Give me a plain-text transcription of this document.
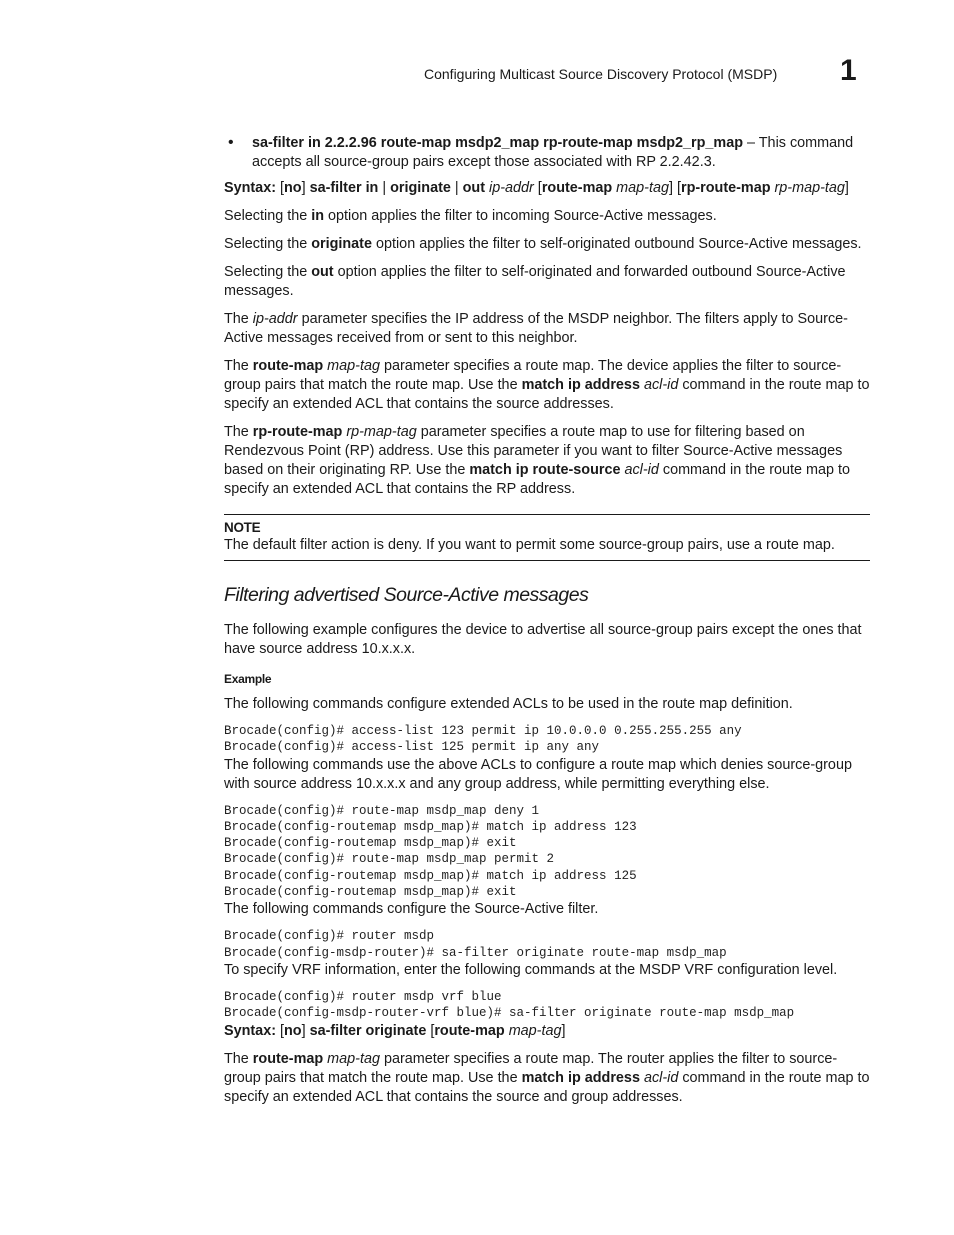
Configuring Multicast Source Discovery Protocol (MSDP) 1
• sa-filter in 2.2.2.96 route-map msdp2_map rp-route-map msdp2_rp_map – This command accepts all source-group pairs except those associated with RP 2.2.42.3.

Syntax: [no] sa-filter in | originate | out ip-addr [route-map map-tag] [rp-route-map rp-map-tag]

Selecting the in option applies the filter to incoming Source-Active messages.

Selecting the originate option applies the filter to self-originated outbound Source-Active messages.

Selecting the out option applies the filter to self-originated and forwarded outbound Source-Active messages.

The ip-addr parameter specifies the IP address of the MSDP neighbor. The filters apply to Source-Active messages received from or sent to this neighbor.

The route-map map-tag parameter specifies a route map. The device applies the filter to source-group pairs that match the route map. Use the match ip address acl-id command in the route map to specify an extended ACL that contains the source addresses.

The rp-route-map rp-map-tag parameter specifies a route map to use for filtering based on Rendezvous Point (RP) address. Use this parameter if you want to filter Source-Active messages based on their originating RP. Use the match ip route-source acl-id command in the route map to specify an extended ACL that contains the RP address.

NOTE
The default filter action is deny. If you want to permit some source-group pairs, use a route map.
Filtering advertised Source-Active messages

The following example configures the device to advertise all source-group pairs except the ones that have source address 10.x.x.x.

Example

The following commands configure extended ACLs to be used in the route map definition.

Brocade(config)# access-list 123 permit ip 10.0.0.0 0.255.255.255 any
Brocade(config)# access-list 125 permit ip any any

The following commands use the above ACLs to configure a route map which denies source-group with source address 10.x.x.x and any group address, while permitting everything else.

Brocade(config)# route-map msdp_map deny 1
Brocade(config-routemap msdp_map)# match ip address 123
Brocade(config-routemap msdp_map)# exit
Brocade(config)# route-map msdp_map permit 2
Brocade(config-routemap msdp_map)# match ip address 125
Brocade(config-routemap msdp_map)# exit

The following commands configure the Source-Active filter.

Brocade(config)# router msdp
Brocade(config-msdp-router)# sa-filter originate route-map msdp_map

To specify VRF information, enter the following commands at the MSDP VRF configuration level.

Brocade(config)# router msdp vrf blue
Brocade(config-msdp-router-vrf blue)# sa-filter originate route-map msdp_map

Syntax: [no] sa-filter originate [route-map map-tag]

The route-map map-tag parameter specifies a route map. The router applies the filter to source-group pairs that match the route map. Use the match ip address acl-id command in the route map to specify an extended ACL that contains the source and group addresses.
